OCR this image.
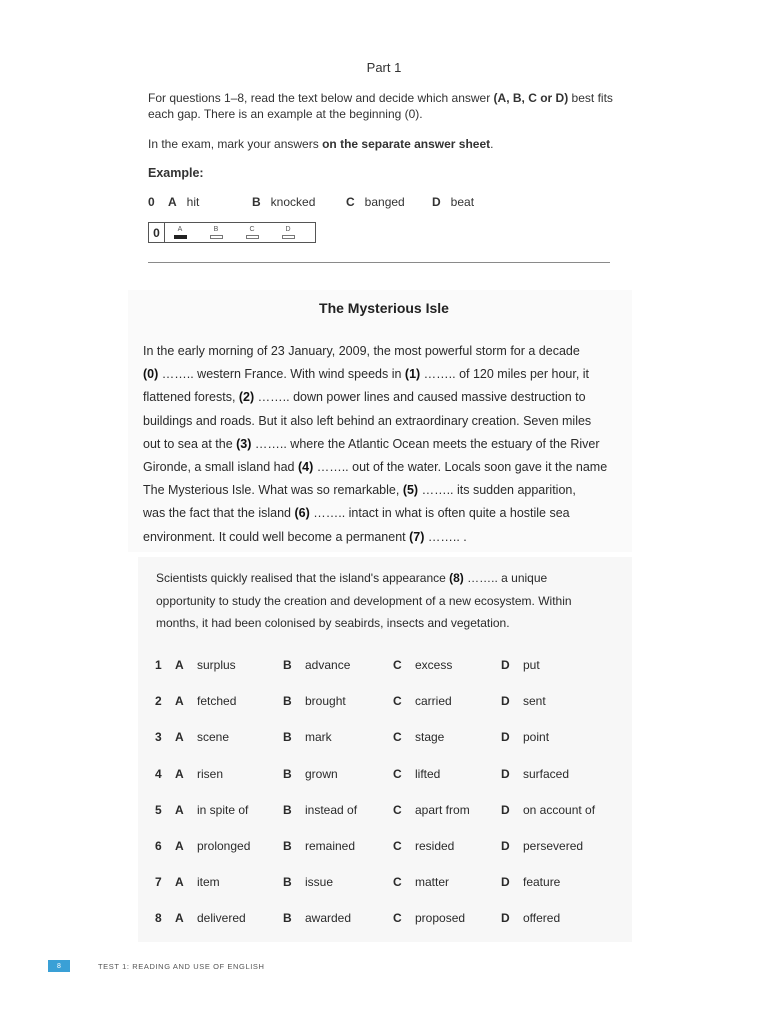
Part 1

For questions 1–8, read the text below and decide which answer (A, B, C or D) best fits each gap. There is an example at the beginning (0).

In the exam, mark your answers on the separate answer sheet.

Example:
0	A hit	B knocked	C banged	D beat
0	A	B	C	D
The Mysterious Isle
In the early morning of 23 January, 2009, the most powerful storm for a decade
(0) …….. western France. With wind speeds in (1) …….. of 120 miles per hour, it
flattened forests, (2) …….. down power lines and caused massive destruction to
buildings and roads. But it also left behind an extraordinary creation. Seven miles
out to sea at the (3) …….. where the Atlantic Ocean meets the estuary of the River
Gironde, a small island had (4) …….. out of the water. Locals soon gave it the name
The Mysterious Isle. What was so remarkable, (5) …….. its sudden apparition,
was the fact that the island (6) …….. intact in what is often quite a hostile sea
environment. It could well become a permanent (7) …….. .
Scientists quickly realised that the island's appearance (8) …….. a unique
opportunity to study the creation and development of a new ecosystem. Within
months, it had been colonised by seabirds, insects and vegetation.
1 A surplus	B advance	C excess	D put
2 A fetched	B brought	C carried	D sent
3 A scene	B mark	C stage	D point
4 A risen	B grown	C lifted	D surfaced
5 A in spite of	B instead of	C apart from	D on account of
6 A prolonged	B remained	C resided	D persevered
7 A item	B issue	C matter	D feature
8 A delivered	B awarded	C proposed	D offered
8	TEST 1: READING AND USE OF ENGLISH
